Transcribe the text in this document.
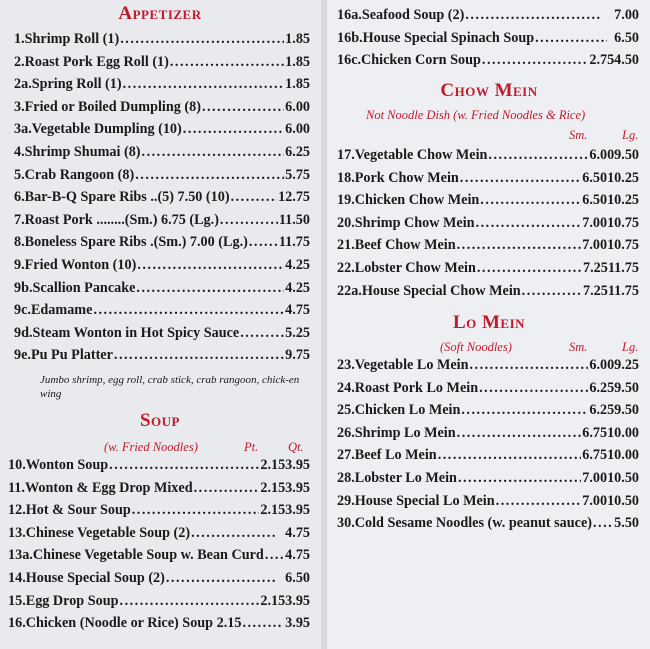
Appetizer
1. Shrimp Roll (1) .....	1.85
2. Roast Pork Egg Roll (1) .....	1.85
2a. Spring Roll (1) .....	1.85
3. Fried or Boiled Dumpling (8) .....	6.00
3a. Vegetable Dumpling (10) .....	6.00
4. Shrimp Shumai (8) .....	6.25
5. Crab Rangoon (8) .....	5.75
6. Bar-B-Q Spare Ribs ..(5) 7.50 (10) .....	12.75
7. Roast Pork ........(Sm.) 6.75 (Lg.) .....	11.50
8. Boneless Spare Ribs .(Sm.) 7.00 (Lg.) ..... 11.75
9. Fried Wonton (10) .....	4.25
9b. Scallion Pancake .....	4.25
9c. Edamame .....	4.75
9d. Steam Wonton in Hot Spicy Sauce .....	5.25
9e. Pu Pu Platter .....	9.75
Jumbo shrimp, egg roll, crab stick, crab rangoon, chick-en wing
Soup
(w. Fried Noodles)	Pt. Qt.
10. Wonton Soup .....	2.15 3.95
11. Wonton & Egg Drop Mixed .....	2.15 3.95
12. Hot & Sour Soup .....	2.15 3.95
13. Chinese Vegetable Soup (2) .....	4.75
13a. Chinese Vegetable Soup w. Bean Curd ..... 4.75
14. House Special Soup (2) .....	6.50
15. Egg Drop Soup .....	2.15 3.95
16. Chicken (Noodle or Rice) Soup 2.15 .....	3.95
16a. Seafood Soup (2) .....	7.00
16b. House Special Spinach Soup .....	6.50
16c. Chicken Corn Soup .....	2.75 4.50
Chow Mein
Not Noodle Dish (w. Fried Noodles & Rice)
Sm.	Lg.
17. Vegetable Chow Mein .....	6.00 9.50
18. Pork Chow Mein .....	6.50 10.25
19. Chicken Chow Mein .....	6.50 10.25
20. Shrimp Chow Mein .....	7.00 10.75
21. Beef Chow Mein .....	7.00 10.75
22. Lobster Chow Mein .....	7.25 11.75
22a. House Special Chow Mein .....	7.25 11.75
Lo Mein
(Soft Noodles)	Sm.	Lg.
23. Vegetable Lo Mein .....	6.00 9.25
24. Roast Pork Lo Mein .....	6.25 9.50
25. Chicken Lo Mein .....	6.25 9.50
26. Shrimp Lo Mein .....	6.75 10.00
27. Beef Lo Mein .....	6.75 10.00
28. Lobster Lo Mein .....	7.00 10.50
29. House Special Lo Mein .....	7.00 10.50
30. Cold Sesame Noodles (w. peanut sauce) ..... 5.50
